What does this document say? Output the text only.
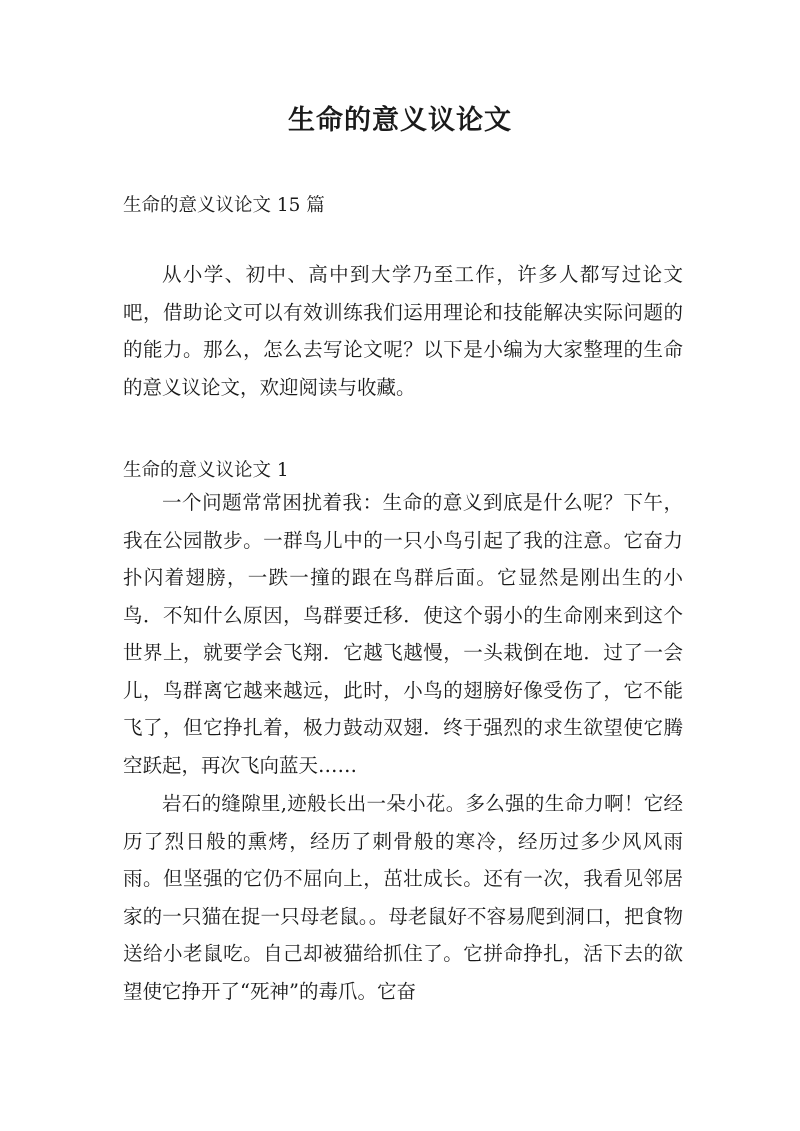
生命的意义议论文

生命的意义议论文 15 篇

从小学、初中、高中到大学乃至工作，许多人都写过论文吧，借助论文可以有效训练我们运用理论和技能解决实际问题的的能力。那么，怎么去写论文呢？以下是小编为大家整理的生命的意义议论文，欢迎阅读与收藏。

生命的意义议论文 1

一个问题常常困扰着我：生命的意义到底是什么呢？下午，我在公园散步。一群鸟儿中的一只小鸟引起了我的注意。它奋力扑闪着翅膀，一跌一撞的跟在鸟群后面。它显然是刚出生的小鸟．不知什么原因，鸟群要迁移．使这个弱小的生命刚来到这个世界上，就要学会飞翔．它越飞越慢，一头栽倒在地．过了一会儿，鸟群离它越来越远，此时，小鸟的翅膀好像受伤了，它不能飞了，但它挣扎着，极力鼓动双翅．终于强烈的求生欲望使它腾空跃起，再次飞向蓝天……

岩石的缝隙里,迹般长出一朵小花。多么强的生命力啊！它经历了烈日般的熏烤，经历了刺骨般的寒冷，经历过多少风风雨雨。但坚强的它仍不屈向上，茁壮成长。还有一次，我看见邻居家的一只猫在捉一只母老鼠。。母老鼠好不容易爬到洞口，把食物送给小老鼠吃。自己却被猫给抓住了。它拼命挣扎，活下去的欲望使它挣开了“死神”的毒爪。它奋
